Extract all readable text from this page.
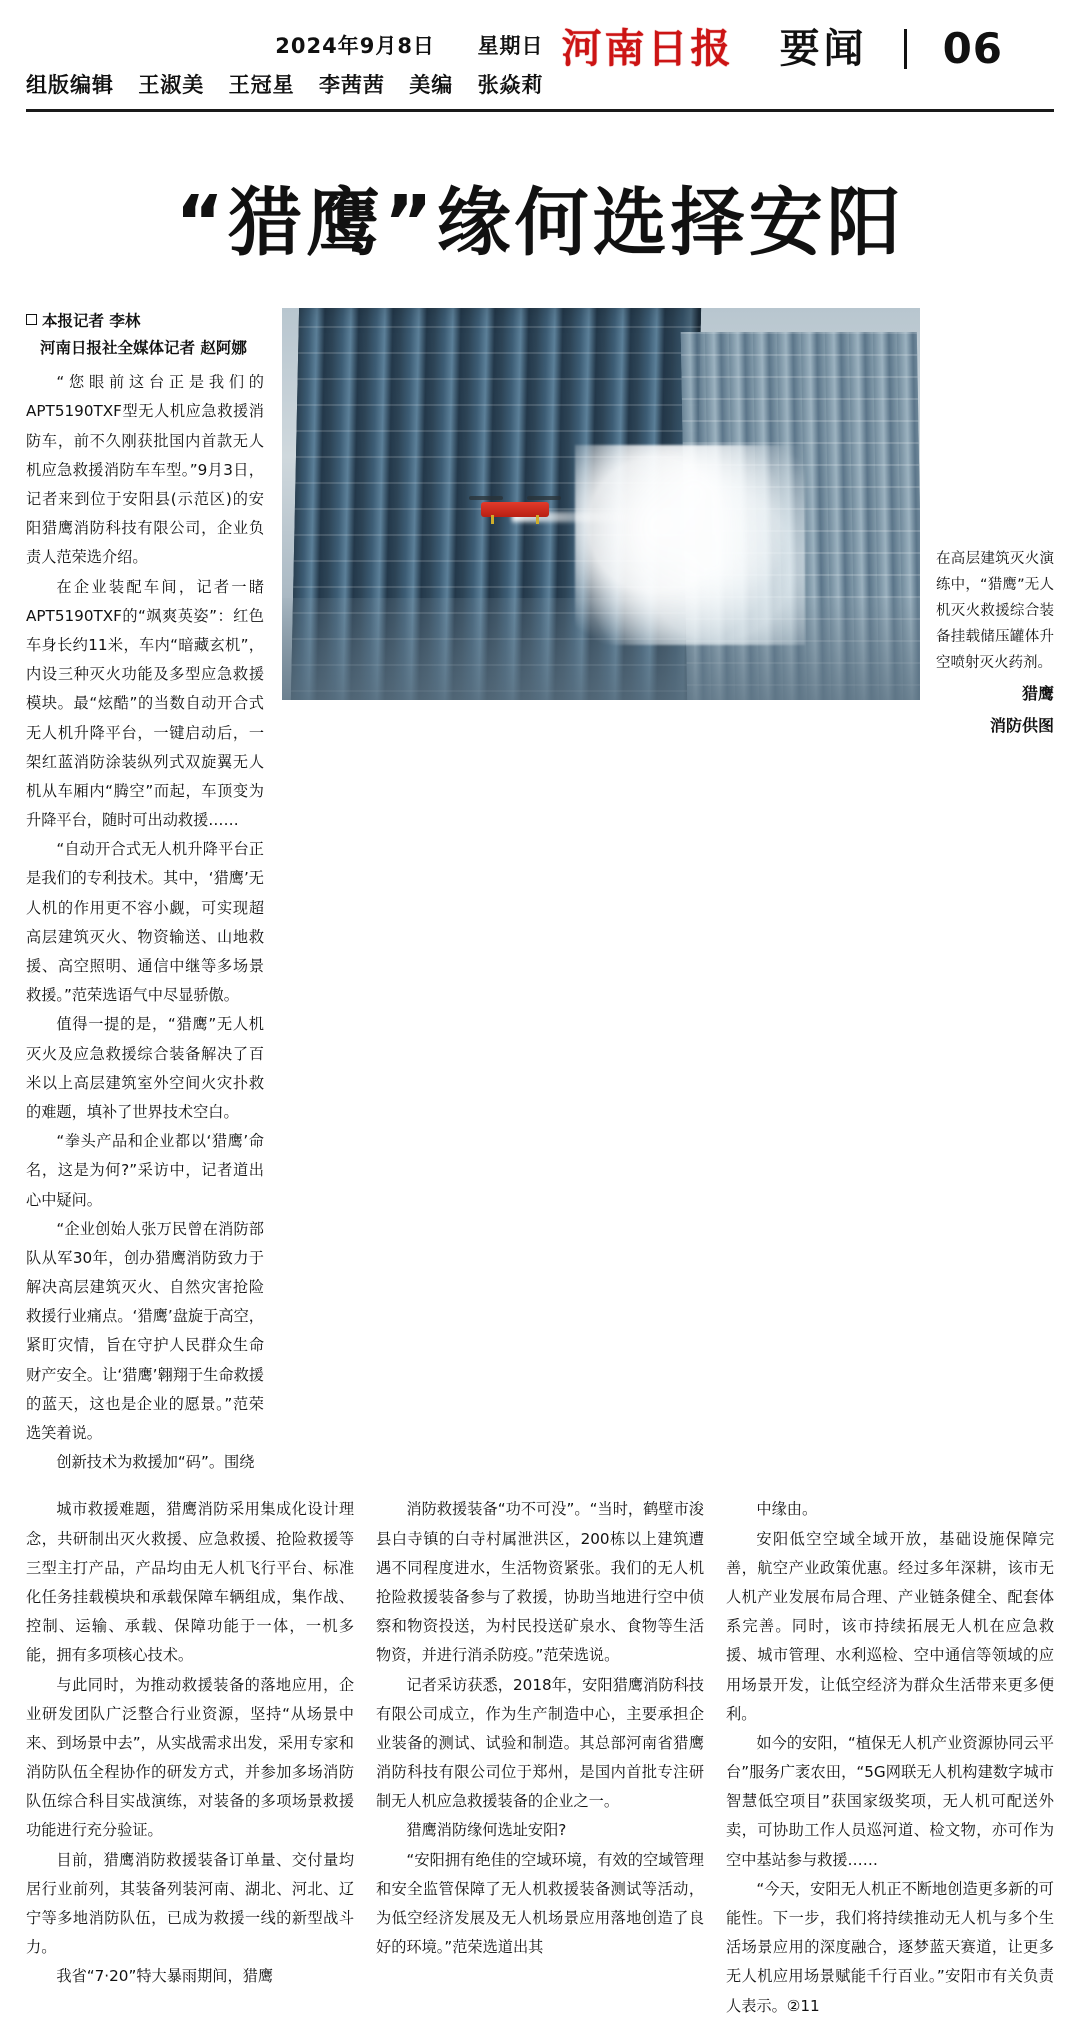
2024年9月8日 星期日
组版编辑 王淑美 王冠星 李茜茜 美编 张焱莉
河南日报 要闻 06
“猎鹰”缘何选择安阳
本报记者 李林
河南日报社全媒体记者 赵阿娜

“您眼前这台正是我们的APT5190TXF型无人机应急救援消防车，前不久刚获批国内首款无人机应急救援消防车车型。”9月3日，记者来到位于安阳县(示范区)的安阳猎鹰消防科技有限公司，企业负责人范荣选介绍。

在企业装配车间，记者一睹APT5190TXF的“飒爽英姿”：红色车身长约11米，车内“暗藏玄机”，内设三种灭火功能及多型应急救援模块。最“炫酷”的当数自动开合式无人机升降平台，一键启动后，一架红蓝消防涂装纵列式双旋翼无人机从车厢内“腾空”而起，车顶变为升降平台，随时可出动救援……

“自动开合式无人机升降平台正是我们的专利技术。其中，‘猎鹰’无人机的作用更不容小觑，可实现超高层建筑灭火、物资输送、山地救援、高空照明、通信中继等多场景救援。”范荣选语气中尽显骄傲。

值得一提的是，“猎鹰”无人机灭火及应急救援综合装备解决了百米以上高层建筑室外空间火灾扑救的难题，填补了世界技术空白。

“拳头产品和企业都以‘猎鹰’命名，这是为何?”采访中，记者道出心中疑问。

“企业创始人张万民曾在消防部队从军30年，创办猎鹰消防致力于解决高层建筑灭火、自然灾害抢险救援行业痛点。‘猎鹰’盘旋于高空，紧盯灾情，旨在守护人民群众生命财产安全。让‘猎鹰’翱翔于生命救援的蓝天，这也是企业的愿景。”范荣选笑着说。

创新技术为救援加“码”。围绕

在高层建筑灭火演练中，“猎鹰”无人机灭火救援综合装备挂载储压罐体升空喷射灭火药剂。
猎鹰
消防供图

城市救援难题，猎鹰消防采用集成化设计理念，共研制出灭火救援、应急救援、抢险救援等三型主打产品，产品均由无人机飞行平台、标准化任务挂载模块和承载保障车辆组成，集作战、控制、运输、承载、保障功能于一体，一机多能，拥有多项核心技术。

与此同时，为推动救援装备的落地应用，企业研发团队广泛整合行业资源，坚持“从场景中来、到场景中去”，从实战需求出发，采用专家和消防队伍全程协作的研发方式，并参加多场消防队伍综合科目实战演练，对装备的多项场景救援功能进行充分验证。

目前，猎鹰消防救援装备订单量、交付量均居行业前列，其装备列装河南、湖北、河北、辽宁等多地消防队伍，已成为救援一线的新型战斗力。

我省“7·20”特大暴雨期间，猎鹰

消防救援装备“功不可没”。“当时，鹤壁市浚县白寺镇的白寺村属泄洪区，200栋以上建筑遭遇不同程度进水，生活物资紧张。我们的无人机抢险救援装备参与了救援，协助当地进行空中侦察和物资投送，为村民投送矿泉水、食物等生活物资，并进行消杀防疫。”范荣选说。

记者采访获悉，2018年，安阳猎鹰消防科技有限公司成立，作为生产制造中心，主要承担企业装备的测试、试验和制造。其总部河南省猎鹰消防科技有限公司位于郑州，是国内首批专注研制无人机应急救援装备的企业之一。

猎鹰消防缘何选址安阳?

“安阳拥有绝佳的空域环境，有效的空域管理和安全监管保障了无人机救援装备测试等活动，为低空经济发展及无人机场景应用落地创造了良好的环境。”范荣选道出其

中缘由。

安阳低空空域全域开放，基础设施保障完善，航空产业政策优惠。经过多年深耕，该市无人机产业发展布局合理、产业链条健全、配套体系完善。同时，该市持续拓展无人机在应急救援、城市管理、水利巡检、空中通信等领域的应用场景开发，让低空经济为群众生活带来更多便利。

如今的安阳，“植保无人机产业资源协同云平台”服务广袤农田，“5G网联无人机构建数字城市智慧低空项目”获国家级奖项，无人机可配送外卖，可协助工作人员巡河道、检文物，亦可作为空中基站参与救援……

“今天，安阳无人机正不断地创造更多新的可能性。下一步，我们将持续推动无人机与多个生活场景应用的深度融合，逐梦蓝天赛道，让更多无人机应用场景赋能千行百业。”安阳市有关负责人表示。②11
